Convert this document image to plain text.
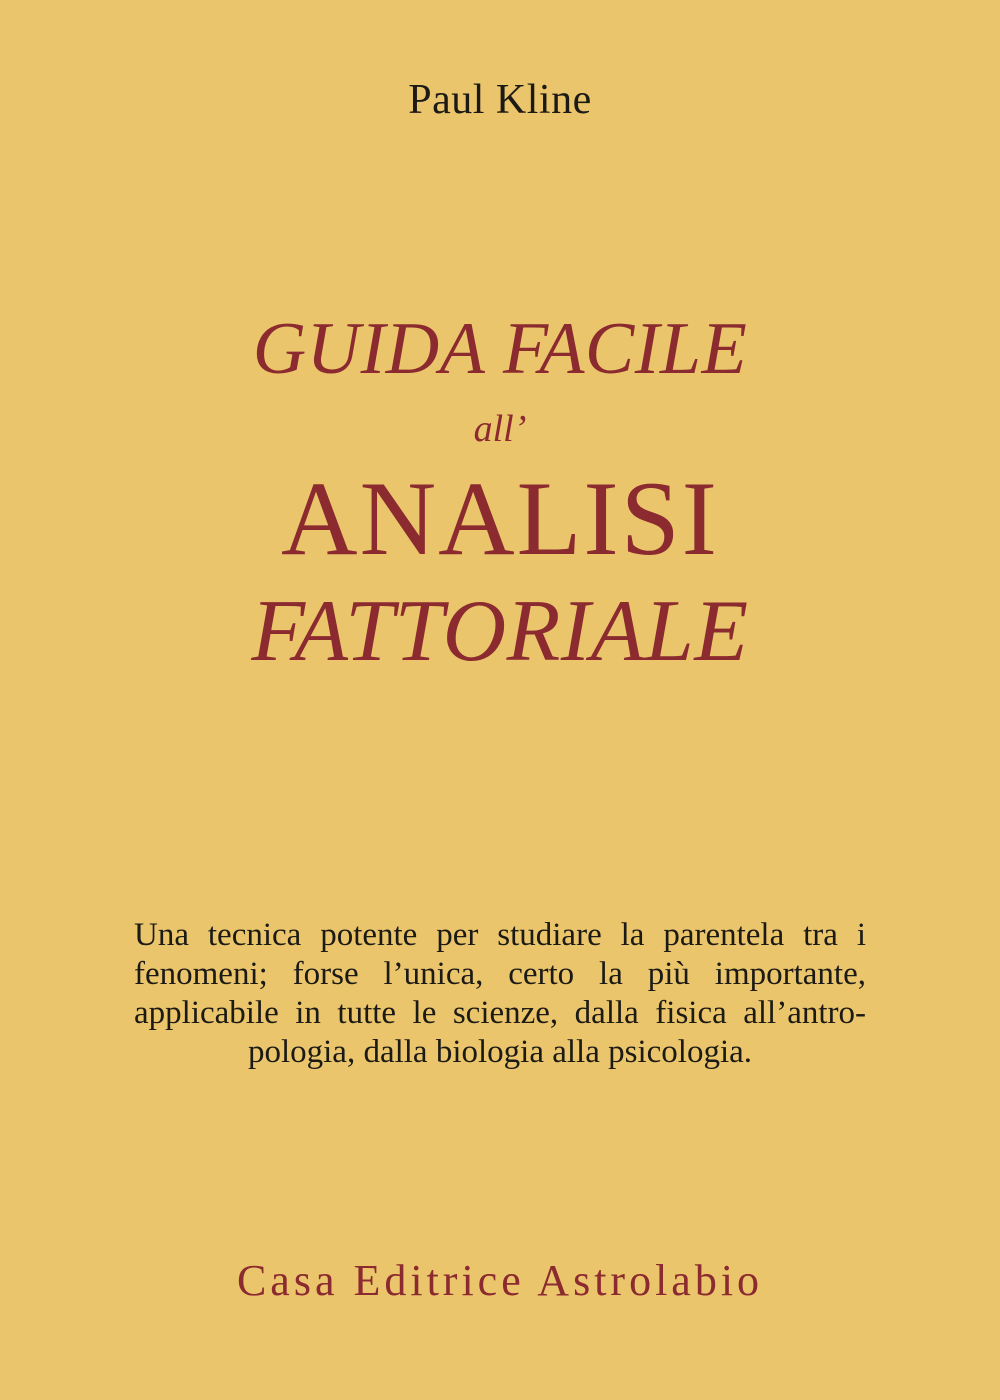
Paul Kline
GUIDA FACILE
all’
ANALISI
FATTORIALE
Una tecnica potente per studiare la parentela tra i
fenomeni; forse l’unica, certo la più importante,
applicabile in tutte le scienze, dalla fisica all’antro-
pologia, dalla biologia alla psicologia.
Casa Editrice Astrolabio
